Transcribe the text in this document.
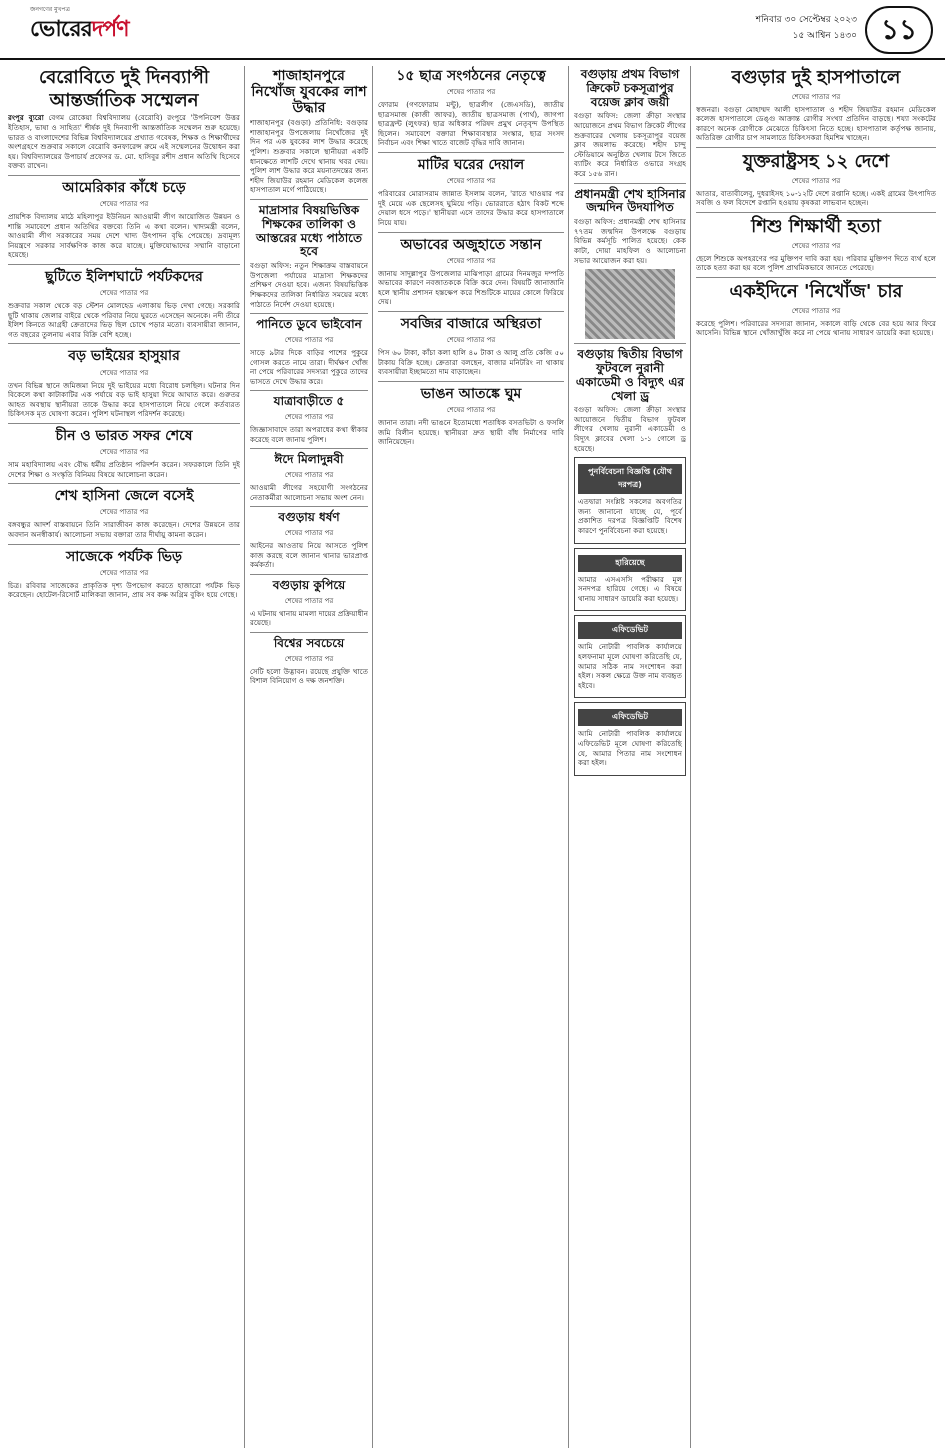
জনগণের মুখপত্র
ভোরেরদর্পণ	শনিবার ৩০ সেপ্টেম্বর ২০২৩
১৫ আশ্বিন ১৪৩০ ১১
বেরোবিতে দুই দিনব্যাপী
আন্তর্জাতিক সম্মেলন

রংপুর ব্যুরো বেগম রোকেয়া বিশ্ববিদ্যালয় (বেরোবি) রংপুরে 'উপনিবেশ উত্তর ইতিহাস, ভাষা ও সাহিত্য' শীর্ষক দুই দিনব্যাপী আন্তর্জাতিক সম্মেলন শুরু হয়েছে। ভারত ও বাংলাদেশের বিভিন্ন বিশ্ববিদ্যালয়ের প্রখ্যাত গবেষক, শিক্ষক ও শিক্ষার্থীদের অংশগ্রহণে শুক্রবার সকালে বেরোবি কনফারেন্স রুমে এই সম্মেলনের উদ্বোধন করা হয়। বিশ্ববিদ্যালয়ের উপাচার্য প্রফেসর ড. মো. হাসিবুর রশীদ প্রধান অতিথি হিসেবে বক্তব্য রাখেন।

আমেরিকার কাঁধে চড়ে
শেষের পাতার পর

প্রায়শিক বিদ্যালয় মাঠে মহিলাপুর ইউনিয়ন আওয়ামী লীগ আয়োজিত উন্নয়ন ও শান্তি সমাবেশে প্রধান অতিথির বক্তব্যে তিনি এ কথা বলেন। খাদ্যমন্ত্রী বলেন, আওয়ামী লীগ সরকারের সময় দেশে খাদ্য উৎপাদন বৃদ্ধি পেয়েছে। দ্রব্যমূল্য নিয়ন্ত্রণে সরকার সার্বক্ষণিক কাজ করে যাচ্ছে। মুক্তিযোদ্ধাদের সম্মানি বাড়ানো হয়েছে।

ছুটিতে ইলিশঘাটে পর্যটকদের
শেষের পাতার পর

শুক্রবার সকাল থেকে বড় স্টেশন মোলহেড এলাকায় ভিড় দেখা গেছে। সরকারি ছুটি থাকায় জেলার বাইরে থেকে পরিবার নিয়ে ঘুরতে এসেছেন অনেকে। নদী তীরে ইলিশ কিনতে আগ্রহী ক্রেতাদের ভিড় ছিল চোখে পড়ার মতো। ব্যবসায়ীরা জানান, গত বছরের তুলনায় এবার বিক্রি বেশি হচ্ছে।

বড় ভাইয়ের হাসুয়ার
শেষের পাতার পর

তখন বিভিন্ন স্থানে জমিজমা নিয়ে দুই ভাইয়ের মধ্যে বিরোধ চলছিল। ঘটনার দিন বিকেলে কথা কাটাকাটির এক পর্যায়ে বড় ভাই হাসুয়া দিয়ে আঘাত করে। গুরুতর আহত অবস্থায় স্থানীয়রা তাকে উদ্ধার করে হাসপাতালে নিয়ে গেলে কর্তব্যরত চিকিৎসক মৃত ঘোষণা করেন। পুলিশ ঘটনাস্থল পরিদর্শন করেছে।

চীন ও ভারত সফর শেষে
শেষের পাতার পর

সাম মহাবিদ্যালয় এবং বৌদ্ধ ধর্মীয় প্রতিষ্ঠান পরিদর্শন করেন। সফরকালে তিনি দুই দেশের শিক্ষা ও সংস্কৃতি বিনিময় বিষয়ে আলোচনা করেন।

শেখ হাসিনা জেলে বসেই
শেষের পাতার পর

বঙ্গবন্ধুর আদর্শ বাস্তবায়নে তিনি সারাজীবন কাজ করেছেন। দেশের উন্নয়নে তার অবদান অনস্বীকার্য। আলোচনা সভায় বক্তারা তার দীর্ঘায়ু কামনা করেন।

সাজেকে পর্যটক ভিড়
শেষের পাতার পর

চিত্র। রবিবার সাজেকের প্রাকৃতিক দৃশ্য উপভোগ করতে হাজারো পর্যটক ভিড় করেছেন। হোটেল-রিসোর্ট মালিকরা জানান, প্রায় সব কক্ষ অগ্রিম বুকিং হয়ে গেছে।

শাজাহানপুরে নিখোঁজ যুবকের লাশ উদ্ধার

শাজাহানপুর (বগুড়া) প্রতিনিধি: বগুড়ার শাজাহানপুর উপজেলায় নিখোঁজের দুই দিন পর এক যুবকের লাশ উদ্ধার করেছে পুলিশ। শুক্রবার সকালে স্থানীয়রা একটি ধানক্ষেতে লাশটি দেখে থানায় খবর দেয়। পুলিশ লাশ উদ্ধার করে ময়নাতদন্তের জন্য শহীদ জিয়াউর রহমান মেডিকেল কলেজ হাসপাতাল মর্গে পাঠিয়েছে।

মাদ্রাসার বিষয়ভিত্তিক শিক্ষকের তালিকা ও আস্তরের মধ্যে পাঠাতে হবে

বগুড়া অফিস: নতুন শিক্ষাক্রম বাস্তবায়নে উপজেলা পর্যায়ের মাদ্রাসা শিক্ষকদের প্রশিক্ষণ দেওয়া হবে। এজন্য বিষয়ভিত্তিক শিক্ষকদের তালিকা নির্ধারিত সময়ের মধ্যে পাঠাতে নির্দেশ দেওয়া হয়েছে।

পানিতে ডুবে ভাইবোন
শেষের পাতার পর

সাড়ে ৯টার দিকে বাড়ির পাশের পুকুরে গোসল করতে নামে তারা। দীর্ঘক্ষণ খোঁজ না পেয়ে পরিবারের সদস্যরা পুকুরে তাদের ভাসতে দেখে উদ্ধার করে।

যাত্রাবাড়ীতে ৫
শেষের পাতার পর

জিজ্ঞাসাবাদে তারা অপরাধের কথা স্বীকার করেছে বলে জানায় পুলিশ।

ঈদে মিলাদুন্নবী
শেষের পাতার পর

আওয়ামী লীগের সহযোগী সংগঠনের নেতাকর্মীরা আলোচনা সভায় অংশ নেন।

বগুড়ায় ধর্ষণ
শেষের পাতার পর

আইনের আওতায় নিয়ে আসতে পুলিশ কাজ করছে বলে জানান থানার ভারপ্রাপ্ত কর্মকর্তা।

বগুড়ায় কুপিয়ে
শেষের পাতার পর

এ ঘটনায় থানায় মামলা দায়ের প্রক্রিয়াধীন রয়েছে।

বিশ্বের সবচেয়ে
শেষের পাতার পর

সেটি হলো উদ্ভাবন। রয়েছে প্রযুক্তি খাতে বিশাল বিনিয়োগ ও দক্ষ জনশক্তি।

১৫ ছাত্র সংগঠনের নেতৃত্বে
শেষের পাতার পর

ফোরাম (গণফোরাম মন্টু), ছাত্রলীগ (জেএসডি), জাতীয় ছাত্রসমাজ (কাজী জাফর), জাতীয় ছাত্রসমাজ (পার্থ), জাগপা ছাত্রফ্রন্ট (লুৎফর) ছাত্র অধিকার পরিষদ প্রমুখ নেতৃবৃন্দ উপস্থিত ছিলেন। সমাবেশে বক্তারা শিক্ষাব্যবস্থার সংস্কার, ছাত্র সংসদ নির্বাচন এবং শিক্ষা খাতে বাজেট বৃদ্ধির দাবি জানান।

মাটির ঘরের দেয়াল
শেষের পাতার পর

পরিবারের মোরাসরাম জান্নাত ইসলাম বলেন, 'রাতে খাওয়ার পর দুই মেয়ে এক ছেলেসহ ঘুমিয়ে পড়ি। ভোররাতে হঠাৎ বিকট শব্দে দেয়াল ধসে পড়ে।' স্থানীয়রা এসে তাদের উদ্ধার করে হাসপাতালে নিয়ে যায়।

অভাবের অজুহাতে সন্তান
শেষের পাতার পর

জানায় সাদুল্লাপুর উপজেলার মাঝিপাড়া গ্রামের দিনমজুর দম্পতি অভাবের কারণে নবজাতককে বিক্রি করে দেন। বিষয়টি জানাজানি হলে স্থানীয় প্রশাসন হস্তক্ষেপ করে শিশুটিকে মায়ের কোলে ফিরিয়ে দেয়।

সবজির বাজারে অস্থিরতা
শেষের পাতার পর

পিস ৬০ টাকা, কাঁচা কলা হালি ৪০ টাকা ও আলু প্রতি কেজি ৫০ টাকায় বিক্রি হচ্ছে। ক্রেতারা বলছেন, বাজার মনিটরিং না থাকায় ব্যবসায়ীরা ইচ্ছামতো দাম বাড়াচ্ছেন।

ভাঙন আতঙ্কে ঘুম
শেষের পাতার পর

জানান তারা। নদী ভাঙনে ইতোমধ্যে শতাধিক বসতভিটা ও ফসলি জমি বিলীন হয়েছে। স্থানীয়রা দ্রুত স্থায়ী বাঁধ নির্মাণের দাবি জানিয়েছেন।

বগুড়ায় প্রথম বিভাগ ক্রিকেট চকসূত্রাপুর বয়েজ ক্লাব জয়ী

বগুড়া অফিস: জেলা ক্রীড়া সংস্থার আয়োজনে প্রথম বিভাগ ক্রিকেট লীগের শুক্রবারের খেলায় চকসূত্রাপুর বয়েজ ক্লাব জয়লাভ করেছে। শহীদ চান্দু স্টেডিয়ামে অনুষ্ঠিত খেলায় টসে জিতে ব্যাটিং করে নির্ধারিত ওভারে সংগ্রহ করে ১৫৬ রান।

প্রধানমন্ত্রী শেখ হাসিনার জন্মদিন উদযাপিত

বগুড়া অফিস: প্রধানমন্ত্রী শেখ হাসিনার ৭৭তম জন্মদিন উপলক্ষে বগুড়ায় বিভিন্ন কর্মসূচি পালিত হয়েছে। কেক কাটা, দোয়া মাহফিল ও আলোচনা সভার আয়োজন করা হয়।

বগুড়ায় দ্বিতীয় বিভাগ ফুটবলে নুরানী একাডেমী ও বিদ্যুৎ এর খেলা ড্র

বগুড়া অফিস: জেলা ক্রীড়া সংস্থার আয়োজনে দ্বিতীয় বিভাগ ফুটবল লীগের খেলায় নুরানী একাডেমী ও বিদ্যুৎ ক্লাবের খেলা ১-১ গোলে ড্র হয়েছে।

পুনর্বিবেচনা বিজ্ঞপ্তি (যৌথ দরপত্র)

এতদ্বারা সংশ্লিষ্ট সকলের অবগতির জন্য জানানো যাচ্ছে যে, পূর্বে প্রকাশিত দরপত্র বিজ্ঞপ্তিটি বিশেষ কারণে পুনর্বিবেচনা করা হয়েছে।

হারিয়েছে

আমার এসএসসি পরীক্ষার মূল সনদপত্র হারিয়ে গেছে। এ বিষয়ে থানায় সাধারণ ডায়েরি করা হয়েছে।

এফিডেভিট

আমি নোটারী পাবলিক কার্যালয়ে হলফনামা মূলে ঘোষণা করিতেছি যে, আমার সঠিক নাম সংশোধন করা হইল। সকল ক্ষেত্রে উক্ত নাম ব্যবহৃত হইবে।

এফিডেভিট

আমি নোটারী পাবলিক কার্যালয়ে এফিডেভিট মূলে ঘোষণা করিতেছি যে, আমার পিতার নাম সংশোধন করা হইল।

বগুড়ার দুই হাসপাতালে
শেষের পাতার পর

স্বজনরা। বগুড়া মোহাম্মদ আলী হাসপাতাল ও শহীদ জিয়াউর রহমান মেডিকেল কলেজ হাসপাতালে ডেঙ্গু আক্রান্ত রোগীর সংখ্যা প্রতিদিন বাড়ছে। শয্যা সংকটের কারণে অনেক রোগীকে মেঝেতে চিকিৎসা নিতে হচ্ছে। হাসপাতাল কর্তৃপক্ষ জানায়, অতিরিক্ত রোগীর চাপ সামলাতে চিকিৎসকরা হিমশিম খাচ্ছেন।

যুক্তরাষ্ট্রসহ ১২ দেশে
শেষের পাতার পর

আতার, বাতাবীলেবু, দুধরাইসহ ১০-১২টি দেশে রপ্তানি হচ্ছে। একই গ্রামের উৎপাদিত সবজি ও ফল বিদেশে রপ্তানি হওয়ায় কৃষকরা লাভবান হচ্ছেন।

শিশু শিক্ষার্থী হত্যা
শেষের পাতার পর

ছেলে শিশুকে অপহরণের পর মুক্তিপণ দাবি করা হয়। পরিবার মুক্তিপণ দিতে ব্যর্থ হলে তাকে হত্যা করা হয় বলে পুলিশ প্রাথমিকভাবে জানতে পেরেছে।

একইদিনে 'নিখোঁজ' চার
শেষের পাতার পর

করেছে পুলিশ। পরিবারের সদস্যরা জানান, সকালে বাড়ি থেকে বের হয়ে আর ফিরে আসেনি। বিভিন্ন স্থানে খোঁজাখুঁজি করে না পেয়ে থানায় সাধারণ ডায়েরি করা হয়েছে।
